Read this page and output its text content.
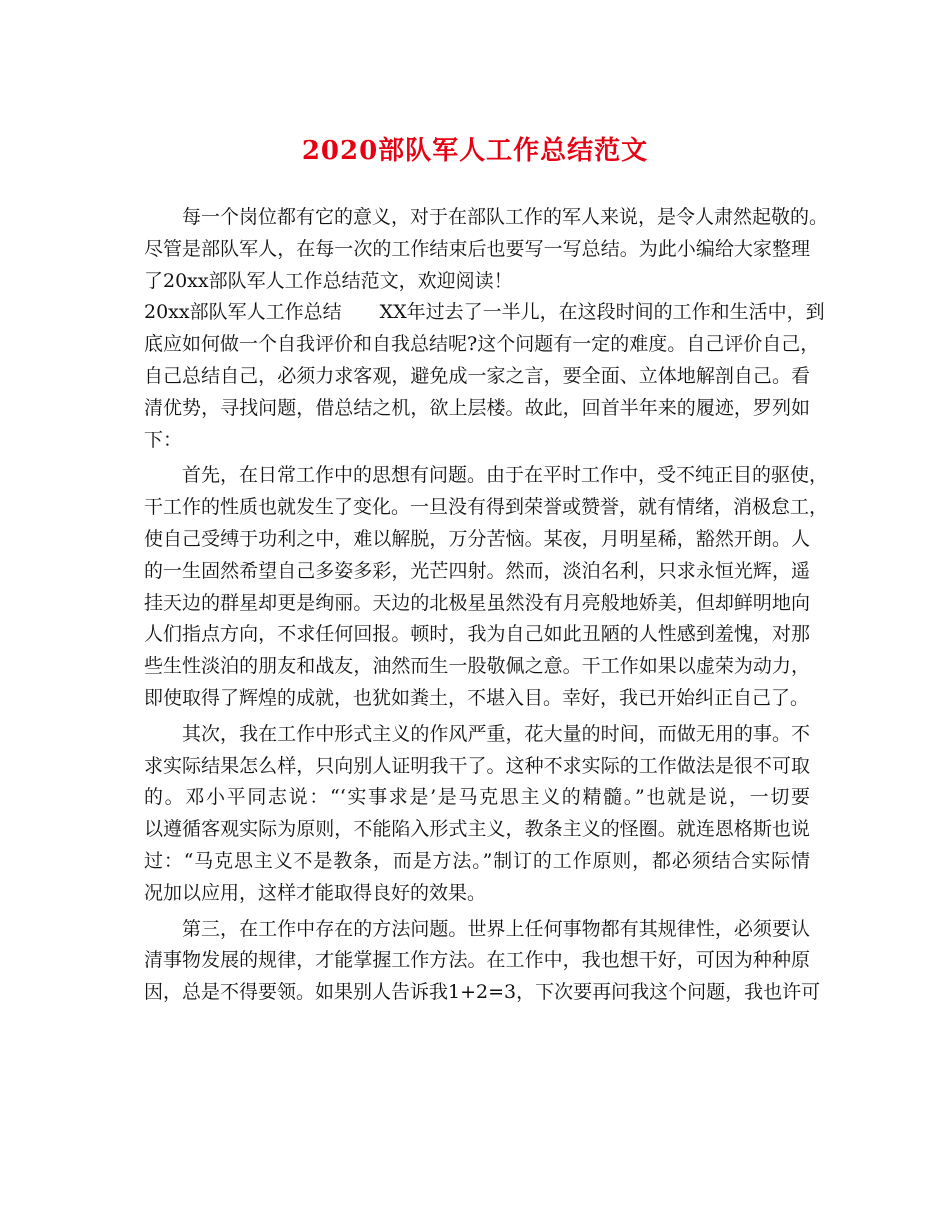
2020部队军人工作总结范文
每一个岗位都有它的意义，对于在部队工作的军人来说，是令人肃然起敬的。
尽管是部队军人，在每一次的工作结束后也要写一写总结。为此小编给大家整理
了20xx部队军人工作总结范文，欢迎阅读！
20xx部队军人工作总结　　XX年过去了一半儿，在这段时间的工作和生活中，到
底应如何做一个自我评价和自我总结呢?这个问题有一定的难度。自己评价自己，
自己总结自己，必须力求客观，避免成一家之言，要全面、立体地解剖自己。看
清优势，寻找问题，借总结之机，欲上层楼。故此，回首半年来的履迹，罗列如
下：
首先，在日常工作中的思想有问题。由于在平时工作中，受不纯正目的驱使，
干工作的性质也就发生了变化。一旦没有得到荣誉或赞誉，就有情绪，消极怠工，
使自己受缚于功利之中，难以解脱，万分苦恼。某夜，月明星稀，豁然开朗。人
的一生固然希望自己多姿多彩，光芒四射。然而，淡泊名利，只求永恒光辉，遥
挂天边的群星却更是绚丽。天边的北极星虽然没有月亮般地娇美，但却鲜明地向
人们指点方向，不求任何回报。顿时，我为自己如此丑陋的人性感到羞愧，对那
些生性淡泊的朋友和战友，油然而生一股敬佩之意。干工作如果以虚荣为动力，
即使取得了辉煌的成就，也犹如粪土，不堪入目。幸好，我已开始纠正自己了。
其次，我在工作中形式主义的作风严重，花大量的时间，而做无用的事。不
求实际结果怎么样，只向别人证明我干了。这种不求实际的工作做法是很不可取
的。邓小平同志说：“‘实事求是’是马克思主义的精髓。”也就是说，一切要
以遵循客观实际为原则，不能陷入形式主义，教条主义的怪圈。就连恩格斯也说
过：“马克思主义不是教条，而是方法。”制订的工作原则，都必须结合实际情
况加以应用，这样才能取得良好的效果。
第三，在工作中存在的方法问题。世界上任何事物都有其规律性，必须要认
清事物发展的规律，才能掌握工作方法。在工作中，我也想干好，可因为种种原
因，总是不得要领。如果别人告诉我1+2=3，下次要再问我这个问题，我也许可
